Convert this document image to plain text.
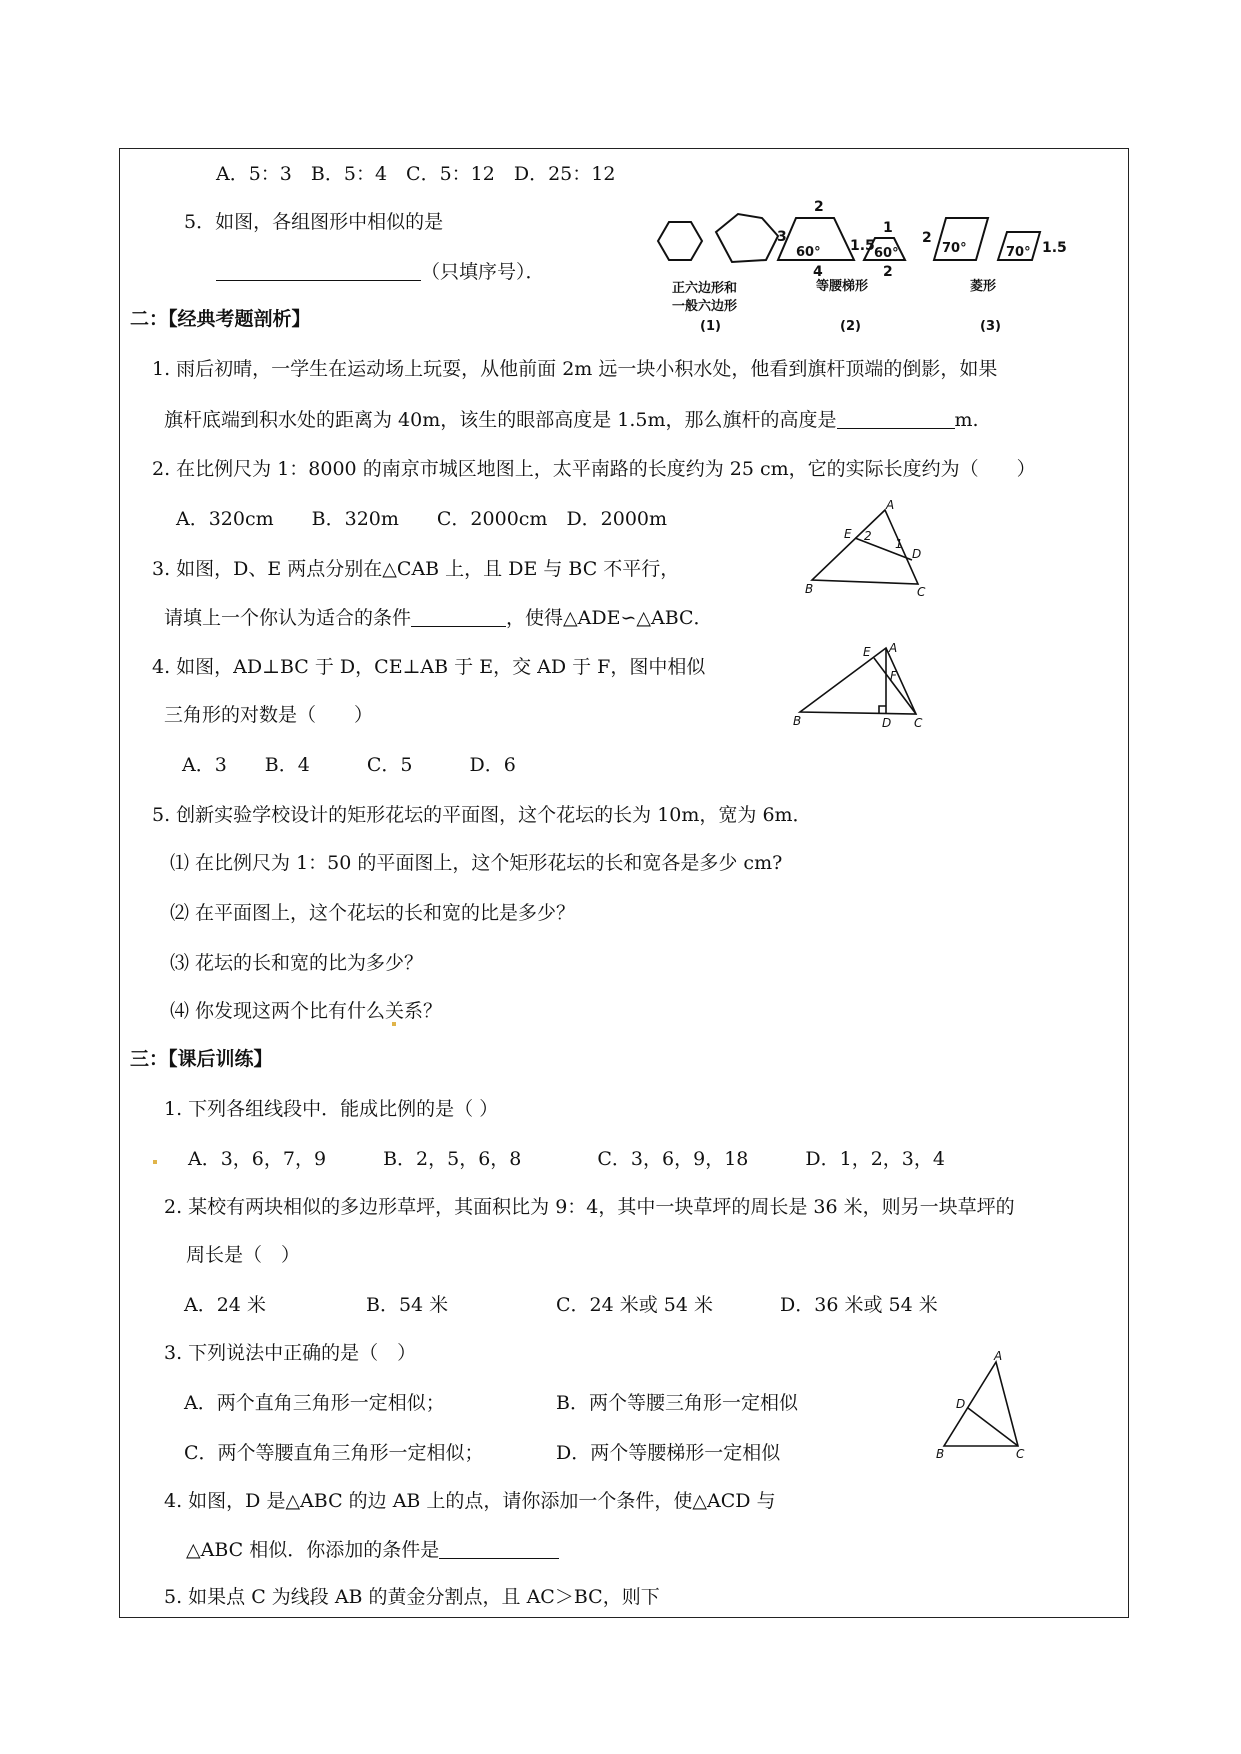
A．5：3　B．5：4　C．5：12　D．25：12
5．如图，各组图形中相似的是
（只填序号）．
2
3
60°
4
1.5
1
60°
2
2
70°	70° 1.5
正六边形和
一般六边形
等腰梯形	菱形
(1)	(2)	(3)
二：【经典考题剖析】
1. 雨后初晴，一学生在运动场上玩耍，从他前面 2m 远一块小积水处，他看到旗杆顶端的倒影，如果
旗杆底端到积水处的距离为 40m，该生的眼部高度是 1.5m，那么旗杆的高度是	m.
2. 在比例尺为 1：8000 的南京市城区地图上，太平南路的长度约为 25 cm，它的实际长度约为（　　）
A．320cm　　B．320m　　C．2000cm　D．2000m
3. 如图，D、E 两点分别在△CAB 上，且 DE 与 BC 不平行，
请填上一个你认为适合的条件	，使得△ADE∽△ABC．
A
E 2
1
D
B	C
4. 如图，AD⊥BC 于 D，CE⊥AB 于 E，交 AD 于 F，图中相似
三角形的对数是（　　）
E A
F
B	D C
A．3　　B．4　　　C．5　　　D．6
5. 创新实验学校设计的矩形花坛的平面图，这个花坛的长为 10m，宽为 6m．
⑴ 在比例尺为 1：50 的平面图上，这个矩形花坛的长和宽各是多少 cm?
⑵ 在平面图上，这个花坛的长和宽的比是多少？
⑶ 花坛的长和宽的比为多少？
⑷ 你发现这两个比有什么关系？
三：【课后训练】
1. 下列各组线段中．能成比例的是（ ）
A．3，6，7，9　　　B．2，5，6，8　　　　C．3，6，9，18　　　D．1，2，3，4
2. 某校有两块相似的多边形草坪，其面积比为 9：4，其中一块草坪的周长是 36 米，则另一块草坪的
周长是（　）
A．24 米	B．54 米	C．24 米或 54 米	D．36 米或 54 米
3. 下列说法中正确的是（　）
A．两个直角三角形一定相似；	B．两个等腰三角形一定相似
C．两个等腰直角三角形一定相似；	D．两个等腰梯形一定相似
A
D
B	C
4. 如图，D 是△ABC 的边 AB 上的点，请你添加一个条件，使△ACD 与
△ABC 相似．你添加的条件是
5. 如果点 C 为线段 AB 的黄金分割点，且 AC＞BC，则下
